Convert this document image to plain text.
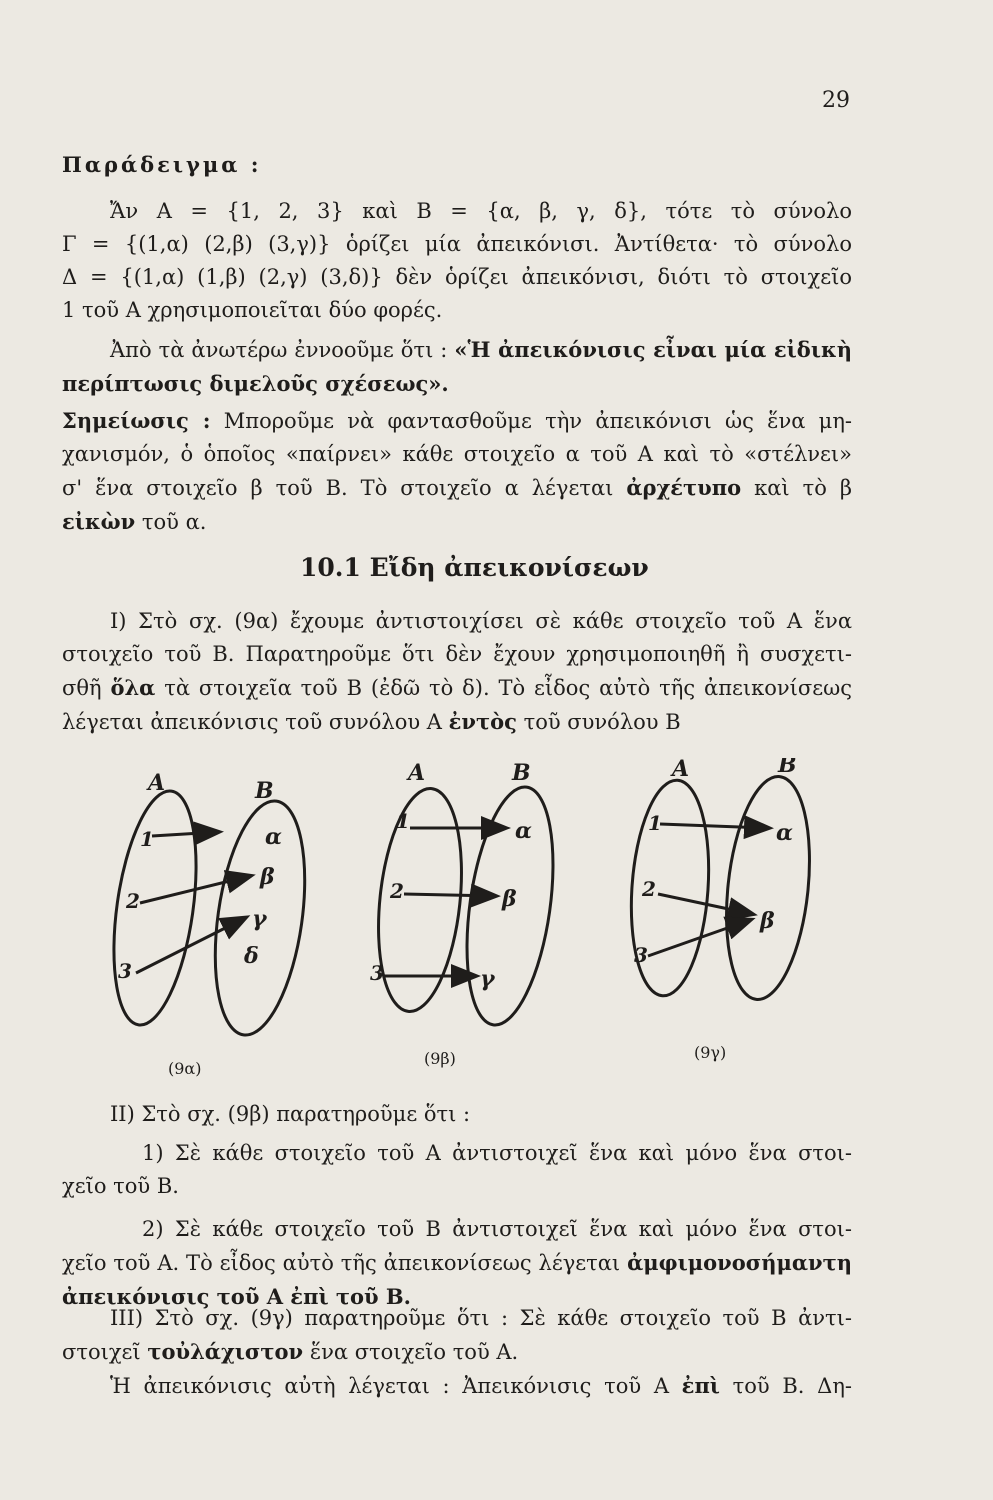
29
Παράδειγμα :
Ἄν Α = {1, 2, 3} καὶ Β = {α, β, γ, δ}, τότε τὸ σύνολο
Γ = {(1,α) (2,β) (3,γ)} ὁρίζει μία ἀπεικόνισι. Ἀντίθετα· τὸ σύνολο
Δ = {(1,α) (1,β) (2,γ) (3,δ)} δὲν ὁρίζει ἀπεικόνισι, διότι τὸ στοιχεῖο
1 τοῦ Α χρησιμοποιεῖται δύο φορές.
Ἀπὸ τὰ ἀνωτέρω ἐννοοῦμε ὅτι : «Ἡ ἀπεικόνισις εἶναι μία εἰδικὴ
περίπτωσις διμελοῦς σχέσεως».
Σημείωσις : Μποροῦμε νὰ φαντασθοῦμε τὴν ἀπεικόνισι ὡς ἕνα μη-
χανισμόν, ὁ ὁποῖος «παίρνει» κάθε στοιχεῖο α τοῦ Α καὶ τὸ «στέλνει»
σ' ἕνα στοιχεῖο β τοῦ Β. Τὸ στοιχεῖο α λέγεται ἀρχέτυπο καὶ τὸ β
εἰκὼν τοῦ α.
10.1 Εἴδη ἀπεικονίσεων
Ι) Στὸ σχ. (9α) ἔχουμε ἀντιστοιχίσει σὲ κάθε στοιχεῖο τοῦ Α ἕνα
στοιχεῖο τοῦ Β. Παρατηροῦμε ὅτι δὲν ἔχουν χρησιμοποιηθῆ ἢ συσχετι-
σθῆ ὅλα τὰ στοιχεῖα τοῦ Β (ἐδῶ τὸ δ). Τὸ εἶδος αὐτὸ τῆς ἀπεικονίσεως
λέγεται ἀπεικόνισις τοῦ συνόλου Α ἐντὸς τοῦ συνόλου Β
Α	Β
1
2
3
α
β
γ
δ
(9α)
Α	Β
1
2
3
α
β
γ
(9β)
Α	Β
1
2
3
α
β
(9γ)
ΙΙ) Στὸ σχ. (9β) παρατηροῦμε ὅτι :
1) Σὲ κάθε στοιχεῖο τοῦ Α ἀντιστοιχεῖ ἕνα καὶ μόνο ἕνα στοι-
χεῖο τοῦ Β.
2) Σὲ κάθε στοιχεῖο τοῦ Β ἀντιστοιχεῖ ἕνα καὶ μόνο ἕνα στοι-
χεῖο τοῦ Α. Τὸ εἶδος αὐτὸ τῆς ἀπεικονίσεως λέγεται ἀμφιμονοσήμαντη
ἀπεικόνισις τοῦ Α ἐπὶ τοῦ Β.
ΙΙΙ) Στὸ σχ. (9γ) παρατηροῦμε ὅτι : Σὲ κάθε στοιχεῖο τοῦ Β ἀντι-
στοιχεῖ τοὐλάχιστον ἕνα στοιχεῖο τοῦ Α.
Ἡ ἀπεικόνισις αὐτὴ λέγεται : Ἀπεικόνισις τοῦ Α ἐπὶ τοῦ Β. Δη-
